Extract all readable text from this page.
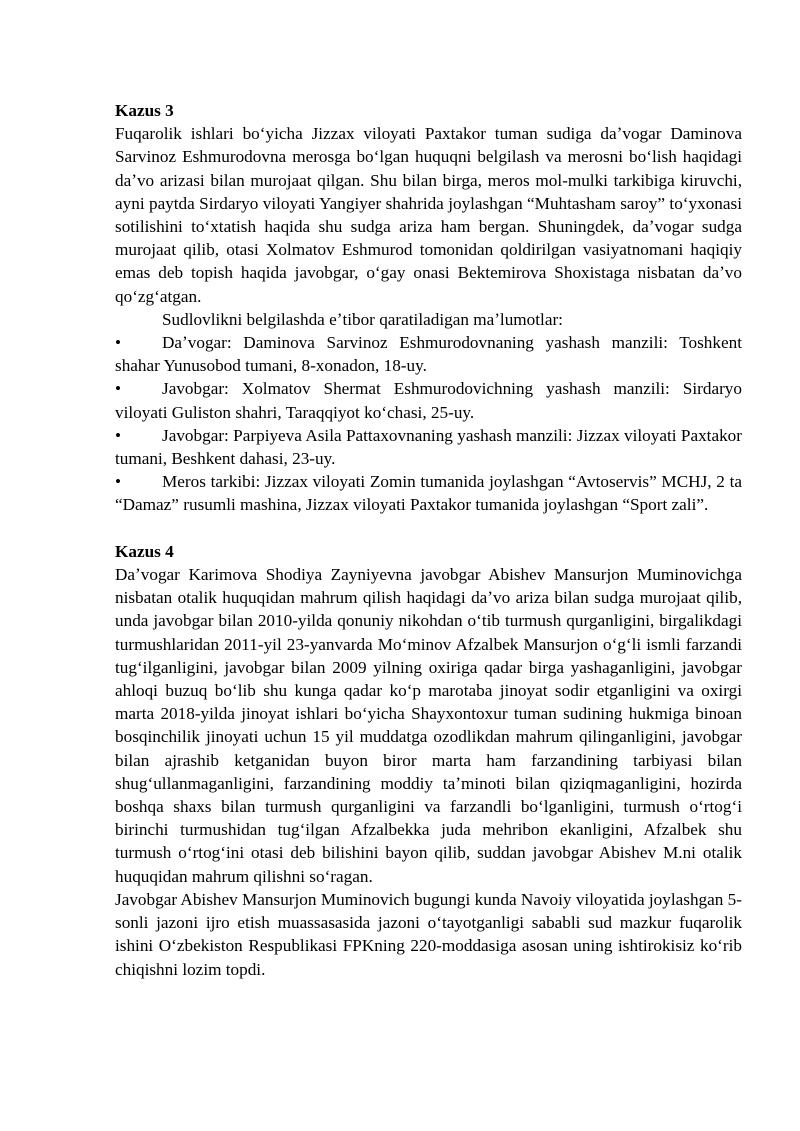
Kazus 3

Fuqarolik ishlari boʻyicha Jizzax viloyati Paxtakor tuman sudiga daʼvogar Daminova Sarvinoz Eshmurodovna merosga boʻlgan huquqni belgilash va merosni boʻlish haqidagi daʼvo arizasi bilan murojaat qilgan. Shu bilan birga, meros mol-mulki tarkibiga kiruvchi, ayni paytda Sirdaryo viloyati Yangiyer shahrida joylashgan “Muhtasham saroy” toʻyxonasi sotilishini toʻxtatish haqida shu sudga ariza ham bergan. Shuningdek, daʼvogar sudga murojaat qilib, otasi Xolmatov Eshmurod tomonidan qoldirilgan vasiyatnomani haqiqiy emas deb topish haqida javobgar, oʻgay onasi Bektemirova Shoxistaga nisbatan daʼvo qoʻzgʻatgan.

Sudlovlikni belgilashda eʼtibor qaratiladigan maʼlumotlar:

• Daʼvogar: Daminova Sarvinoz Eshmurodovnaning yashash manzili: Toshkent shahar Yunusobod tumani, 8-xonadon, 18-uy.

• Javobgar: Xolmatov Shermat Eshmurodovichning yashash manzili: Sirdaryo viloyati Guliston shahri, Taraqqiyot koʻchasi, 25-uy.

• Javobgar: Parpiyeva Asila Pattaxovnaning yashash manzili: Jizzax viloyati Paxtakor tumani, Beshkent dahasi, 23-uy.

• Meros tarkibi: Jizzax viloyati Zomin tumanida joylashgan “Avtoservis” MCHJ, 2 ta “Damaz” rusumli mashina, Jizzax viloyati Paxtakor tumanida joylashgan “Sport zali”.

Kazus 4

Daʼvogar Karimova Shodiya Zayniyevna javobgar Abishev Mansurjon Muminovichga nisbatan otalik huquqidan mahrum qilish haqidagi daʼvo ariza bilan sudga murojaat qilib, unda javobgar bilan 2010-yilda qonuniy nikohdan oʻtib turmush qurganligini, birgalikdagi turmushlaridan 2011-yil 23-yanvarda Moʻminov Afzalbek Mansurjon oʻgʻli ismli farzandi tugʻilganligini, javobgar bilan 2009 yilning oxiriga qadar birga yashaganligini, javobgar ahloqi buzuq boʻlib shu kunga qadar koʻp marotaba jinoyat sodir etganligini va oxirgi marta 2018-yilda jinoyat ishlari boʻyicha Shayxontoxur tuman sudining hukmiga binoan bosqinchilik jinoyati uchun 15 yil muddatga ozodlikdan mahrum qilinganligini, javobgar bilan ajrashib ketganidan buyon biror marta ham farzandining tarbiyasi bilan shugʻullanmaganligini, farzandining moddiy taʼminoti bilan qiziqmaganligini, hozirda boshqa shaxs bilan turmush qurganligini va farzandli boʻlganligini, turmush oʻrtogʻi birinchi turmushidan tugʻilgan Afzalbekka juda mehribon ekanligini, Afzalbek shu turmush oʻrtogʻini otasi deb bilishini bayon qilib, suddan javobgar Abishev M.ni otalik huquqidan mahrum qilishni soʻragan.

Javobgar Abishev Mansurjon Muminovich bugungi kunda Navoiy viloyatida joylashgan 5-sonli jazoni ijro etish muassasasida jazoni oʻtayotganligi sababli sud mazkur fuqarolik ishini Oʻzbekiston Respublikasi FPKning 220-moddasiga asosan uning ishtirokisiz koʻrib chiqishni lozim topdi.
